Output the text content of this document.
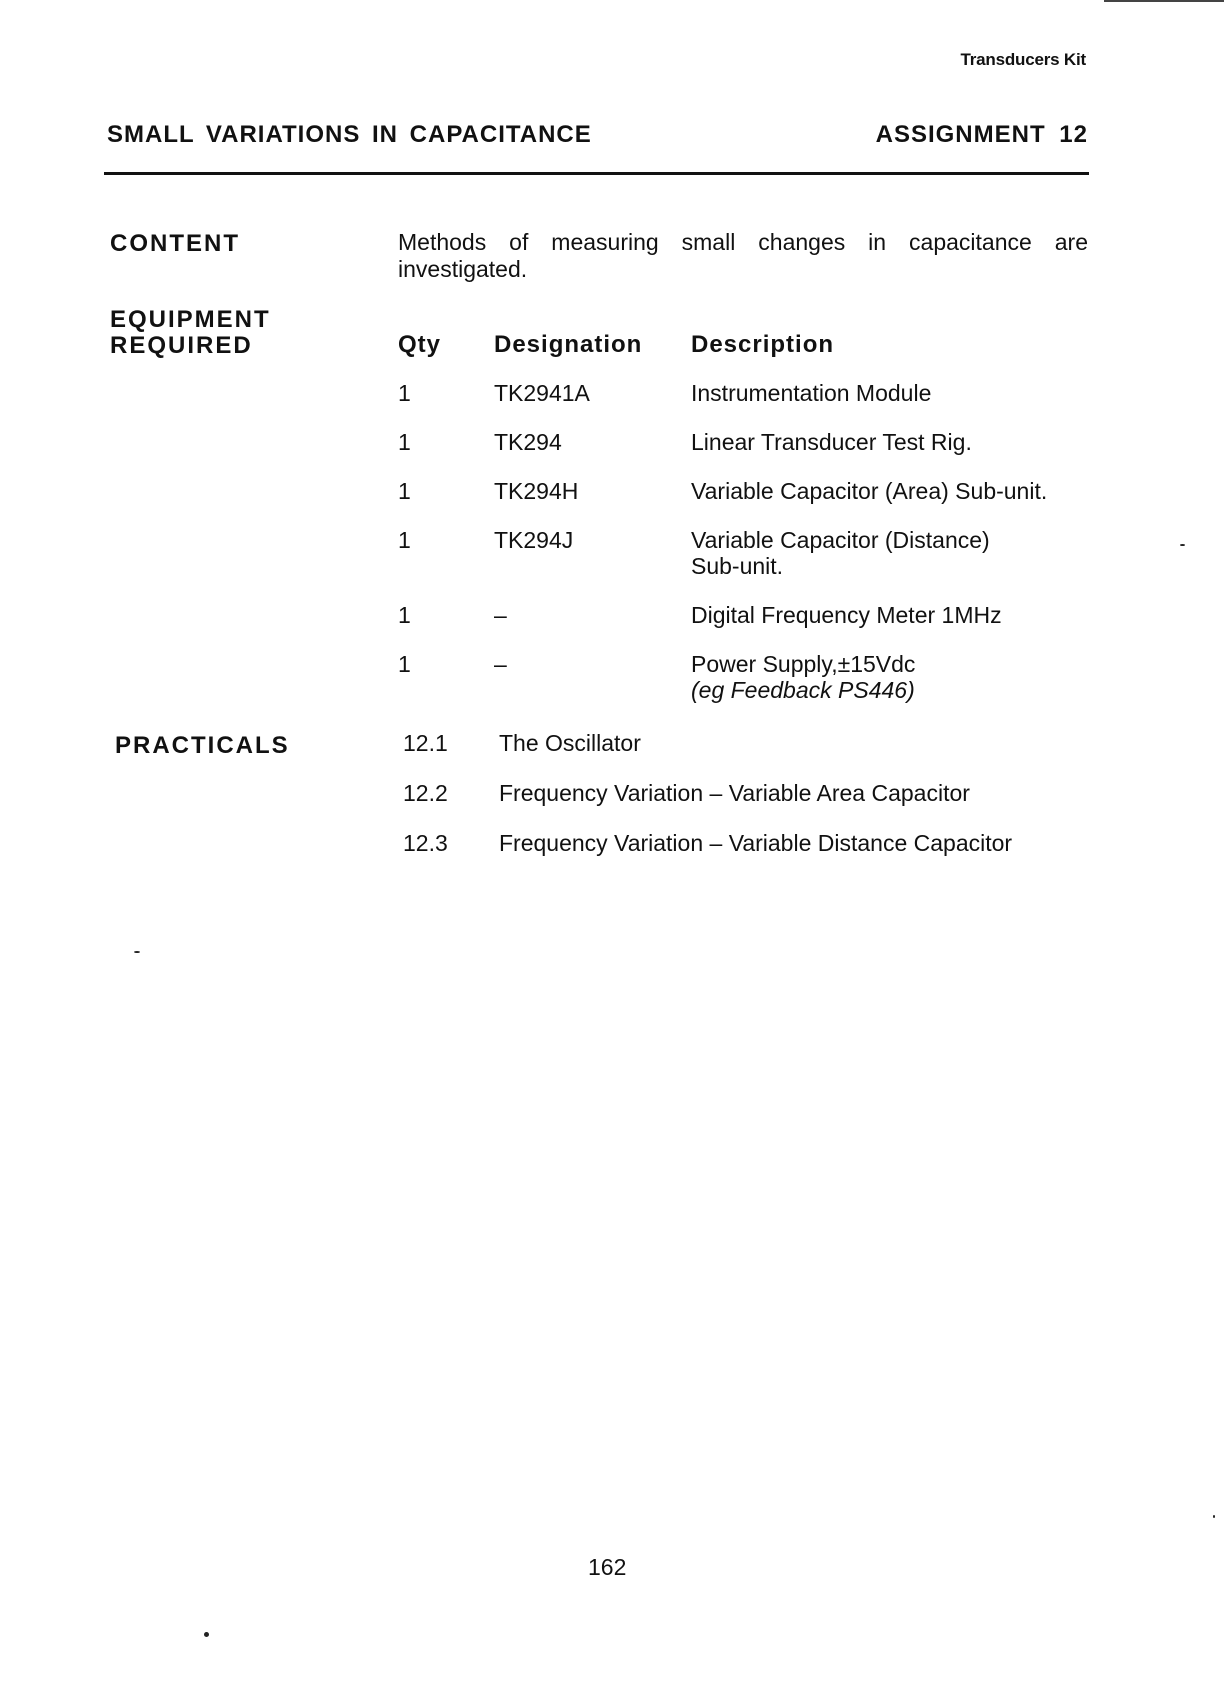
Transducers Kit
SMALL VARIATIONS IN CAPACITANCE	ASSIGNMENT 12
CONTENT	Methods of measuring small changes in capacitance are investigated.
EQUIPMENT
REQUIRED	Qty	Designation	Description
1	TK2941A	Instrumentation Module
1	TK294	Linear Transducer Test Rig.
1	TK294H	Variable Capacitor (Area) Sub-unit.
1	TK294J	Variable Capacitor (Distance) Sub-unit.
1	–	Digital Frequency Meter 1MHz
1	–	Power Supply,±15Vdc
(eg Feedback PS446)
PRACTICALS	12.1	The Oscillator
12.2	Frequency Variation – Variable Area Capacitor
12.3	Frequency Variation – Variable Distance Capacitor
162
